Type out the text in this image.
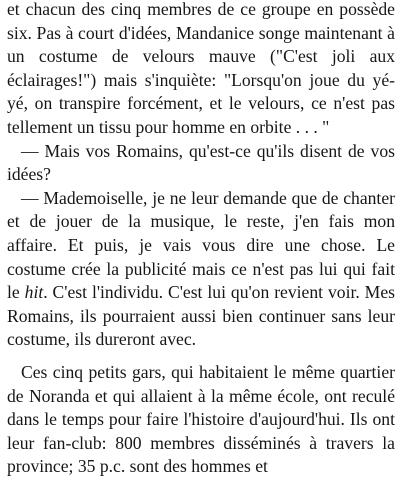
et chacun des cinq membres de ce groupe en possède six. Pas à court d'idées, Mandanice songe maintenant à un costume de velours mauve ("C'est joli aux éclairages!") mais s'inquiète: "Lorsqu'on joue du yé-yé, on transpire forcément, et le velours, ce n'est pas tellement un tissu pour homme en orbite . . . "

— Mais vos Romains, qu'est-ce qu'ils disent de vos idées?

— Mademoiselle, je ne leur demande que de chanter et de jouer de la musique, le reste, j'en fais mon affaire. Et puis, je vais vous dire une chose. Le costume crée la publicité mais ce n'est pas lui qui fait le hit. C'est l'individu. C'est lui qu'on revient voir. Mes Romains, ils pourraient aussi bien continuer sans leur costume, ils dureront avec.

Ces cinq petits gars, qui habitaient le même quartier de Noranda et qui allaient à la même école, ont reculé dans le temps pour faire l'histoire d'aujourd'hui. Ils ont leur fan-club: 800 membres disséminés à travers la province; 35 p.c. sont des hommes et
